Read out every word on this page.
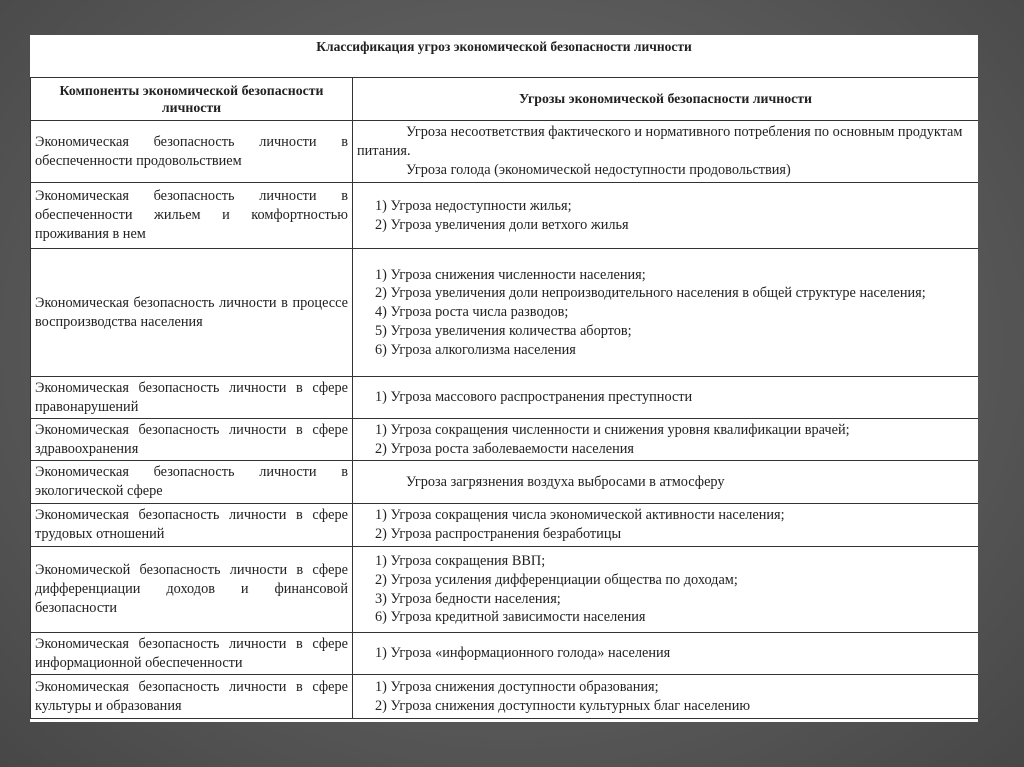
Классификация угроз экономической безопасности личности
Компоненты экономической безопасности личности	Угрозы экономической безопасности личности
Экономическая безопасность личности в обеспеченности продовольствием	Угроза несоответствия фактического и нормативного потребления по основным продуктам питания.

Угроза голода (экономической недоступности продовольствия)

Экономическая безопасность личности в обеспеченности жильем и комфортностью проживания в нем	1) Угроза недоступности жилья;

2) Угроза увеличения доли ветхого жилья

Экономическая безопасность личности в процессе воспроизводства населения	1) Угроза снижения численности населения;

2) Угроза увеличения доли непроизводительного населения в общей структуре населения;

4) Угроза роста числа разводов;

5) Угроза увеличения количества абортов;

6) Угроза алкоголизма населения

Экономическая безопасность личности в сфере правонарушений	1) Угроза массового распространения преступности

Экономическая безопасность личности в сфере здравоохранения	1) Угроза сокращения численности и снижения уровня квалификации врачей;

2) Угроза роста заболеваемости населения

Экономическая безопасность личности в экологической сфере	Угроза загрязнения воздуха выбросами в атмосферу

Экономическая безопасность личности в сфере трудовых отношений	1) Угроза сокращения числа экономической активности населения;

2) Угроза распространения безработицы

Экономической безопасность личности в сфере дифференциации доходов и финансовой безопасности	1) Угроза сокращения ВВП;

2) Угроза усиления дифференциации общества по доходам;

3) Угроза бедности населения;

6) Угроза кредитной зависимости населения

Экономическая безопасность личности в сфере информационной обеспеченности	1) Угроза «информационного голода» населения

Экономическая безопасность личности в сфере культуры и образования	1) Угроза снижения доступности образования;

2) Угроза снижения доступности культурных благ населению
